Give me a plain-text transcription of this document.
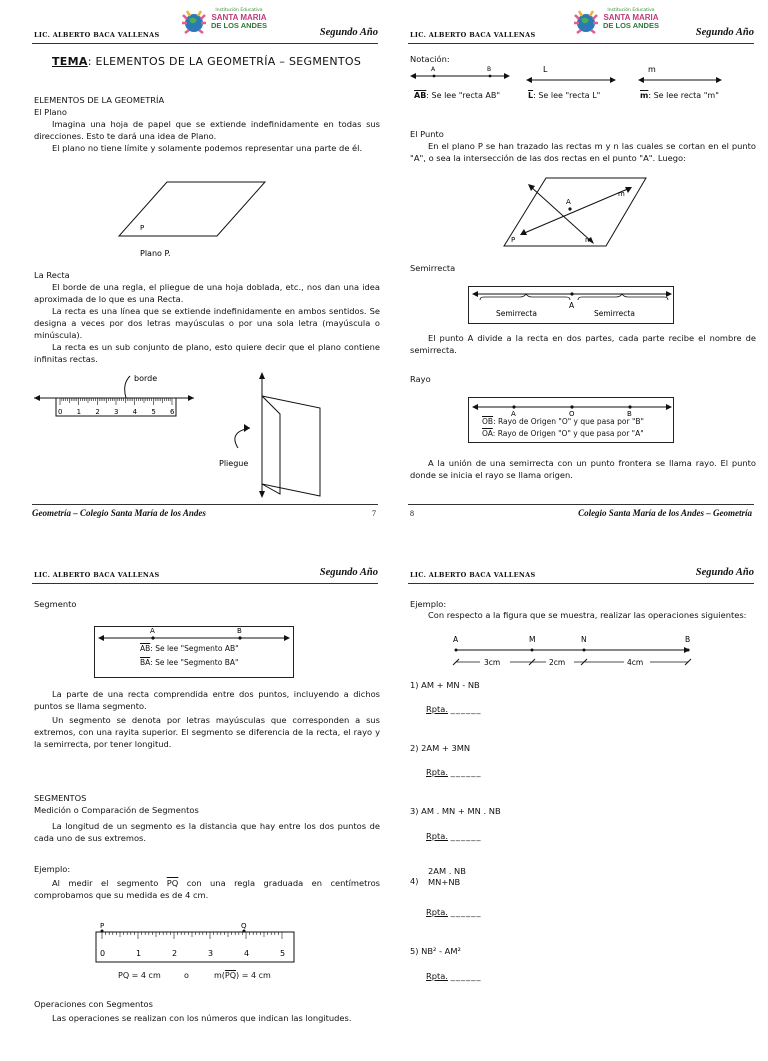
LIC. ALBERTO BACA VALLENAS
Institución Educativa
SANTA MARIA
DE LOS ANDES
Segundo Año
TEMA: ELEMENTOS DE LA GEOMETRÍA – SEGMENTOS
ELEMENTOS DE LA GEOMETRÍA
El Plano
Imagina una hoja de papel que se extiende indefinidamente en todas sus direcciones. Esto te dará una idea de Plano.
El plano no tiene límite y solamente podemos representar una parte de él.
P
Plano P.
La Recta
El borde de una regla, el pliegue de una hoja doblada, etc., nos dan una idea aproximada de lo que es una Recta.
La recta es una línea que se extiende indefinidamente en ambos sentidos. Se designa a veces por dos letras mayúsculas o por una sola letra (mayúscula o minúscula).
La recta es un sub conjunto de plano, esto quiere decir que el plano contiene infinitas rectas.
borde
0 1 2 3 4 5 6
Pliegue
Geometría – Colegio Santa María de los Andes	7
LIC. ALBERTO BACA VALLENAS
Institución Educativa
SANTA MARIA
DE LOS ANDES
Segundo Año
Notación:
A	B	L	m
$\overline{AB}$: Se lee "recta AB"	$\overline{L}$: Se lee "recta L"	$\overline{m}$: Se lee recta "m"
El Punto
En el plano P se han trazado las rectas m y n las cuales se cortan en el punto "A", o sea la intersección de las dos rectas en el punto "A". Luego:
A
m
n
P
Semirrecta
A
Semirrecta	Semirrecta
El punto A divide a la recta en dos partes, cada parte recibe el nombre de semirrecta.
Rayo
A	O	B
$\overline{OB}$: Rayo de Origen "O" y que pasa por "B"
$\overline{OA}$: Rayo de Origen "O" y que pasa por "A"
A la unión de una semirrecta con un punto frontera se llama rayo. El punto donde se inicia el rayo se llama origen.
8	Colegio Santa María de los Andes – Geometría
LIC. ALBERTO BACA VALLENAS	Segundo Año
Segmento
A	B
$\overline{AB}$: Se lee "Segmento AB"
$\overline{BA}$: Se lee "Segmento BA"
La parte de una recta comprendida entre dos puntos, incluyendo a dichos puntos se llama segmento.
Un segmento se denota por letras mayúsculas que corresponden a sus extremos, con una rayita superior. El segmento se diferencia de la recta, el rayo y la semirrecta, por tener longitud.
SEGMENTOS
Medición o Comparación de Segmentos
La longitud de un segmento es la distancia que hay entre los dos puntos de cada uno de sus extremos.
Ejemplo:
Al medir el segmento $\overline{PQ}$ con una regla graduada en centímetros comprobamos que su medida es de 4 cm.
P	Q
0	1	2	3	4	5
PQ = 4 cm	o	$m(\overline{PQ}) = 4$ cm
Operaciones con Segmentos
Las operaciones se realizan con los números que indican las longitudes.
LIC. ALBERTO BACA VALLENAS	Segundo Año
Ejemplo:
Con respecto a la figura que se muestra, realizar las operaciones siguientes:
A	M	N	B
3cm	2cm	4cm
1) AM + MN - NB
Rpta. ______
2) 2AM + 3MN
Rpta. ______
3) AM . MN + MN . NB
Rpta. ______
4)
2AM . NB
MN+NB
Rpta. ______
5) NB² - AM²
Rpta. ______
